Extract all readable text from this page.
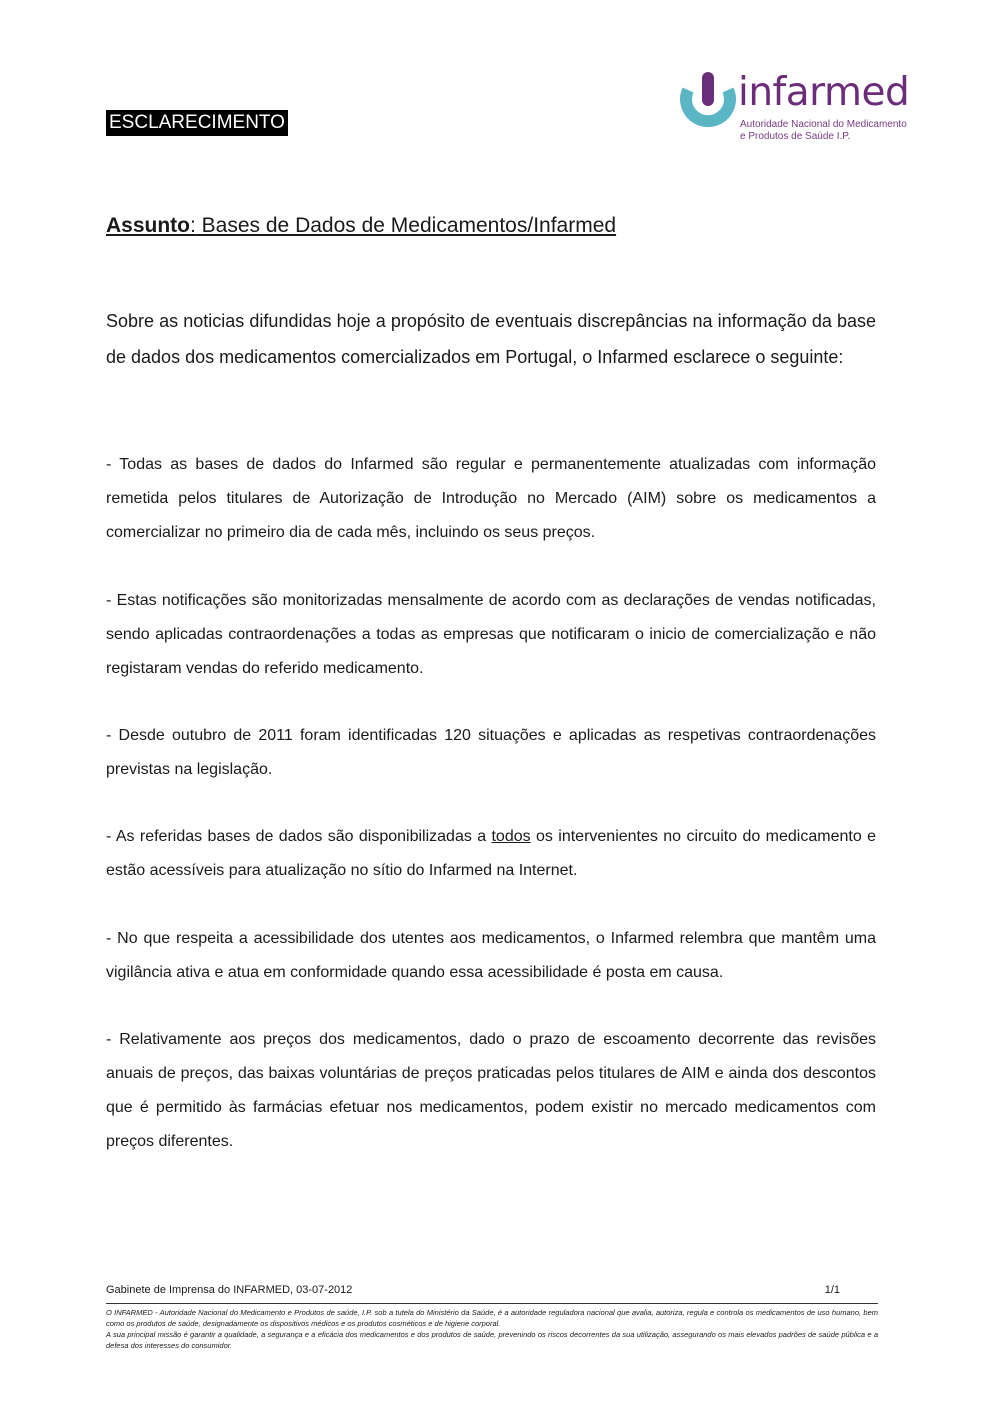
ESCLARECIMENTO
infarmed
Autoridade Nacional do Medicamento
e Produtos de Saúde I.P.
Assunto: Bases de Dados de Medicamentos/Infarmed
Sobre as noticias difundidas hoje a propósito de eventuais discrepâncias na informação da base de dados dos medicamentos comercializados em Portugal, o Infarmed esclarece o seguinte:
- Todas as bases de dados do Infarmed são regular e permanentemente atualizadas com informação remetida pelos titulares de Autorização de Introdução no Mercado (AIM) sobre os medicamentos a comercializar no primeiro dia de cada mês, incluindo os seus preços.
- Estas notificações são monitorizadas mensalmente de acordo com as declarações de vendas notificadas, sendo aplicadas contraordenações a todas as empresas que notificaram o inicio de comercialização e não registaram vendas do referido medicamento.
- Desde outubro de 2011 foram identificadas 120 situações e aplicadas as respetivas contraordenações previstas na legislação.
- As referidas bases de dados são disponibilizadas a todos os intervenientes no circuito do medicamento e estão acessíveis para atualização no sítio do Infarmed na Internet.
- No que respeita a acessibilidade dos utentes aos medicamentos, o Infarmed relembra que mantêm uma vigilância ativa e atua em conformidade quando essa acessibilidade é posta em causa.
- Relativamente aos preços dos medicamentos, dado o prazo de escoamento decorrente das revisões anuais de preços, das baixas voluntárias de preços praticadas pelos titulares de AIM e ainda dos descontos que é permitido às farmácias efetuar nos medicamentos, podem existir no mercado medicamentos com preços diferentes.
Gabinete de Imprensa do INFARMED, 03-07-2012	1/1

O INFARMED - Autoridade Nacional do Medicamento e Produtos de saúde, I.P. sob a tutela do Ministério da Saúde, é a autoridade reguladora nacional que avalia, autoriza, regula e controla os medicamentos de uso humano, bem como os produtos de saúde, designadamente os dispositivos médicos e os produtos cosméticos e de higiene corporal.

A sua principal missão é garantir a qualidade, a segurança e a eficácia dos medicamentos e dos produtos de saúde, prevenindo os riscos decorrentes da sua utilização, assegurando os mais elevados padrões de saúde pública e a defesa dos interesses do consumidor.
